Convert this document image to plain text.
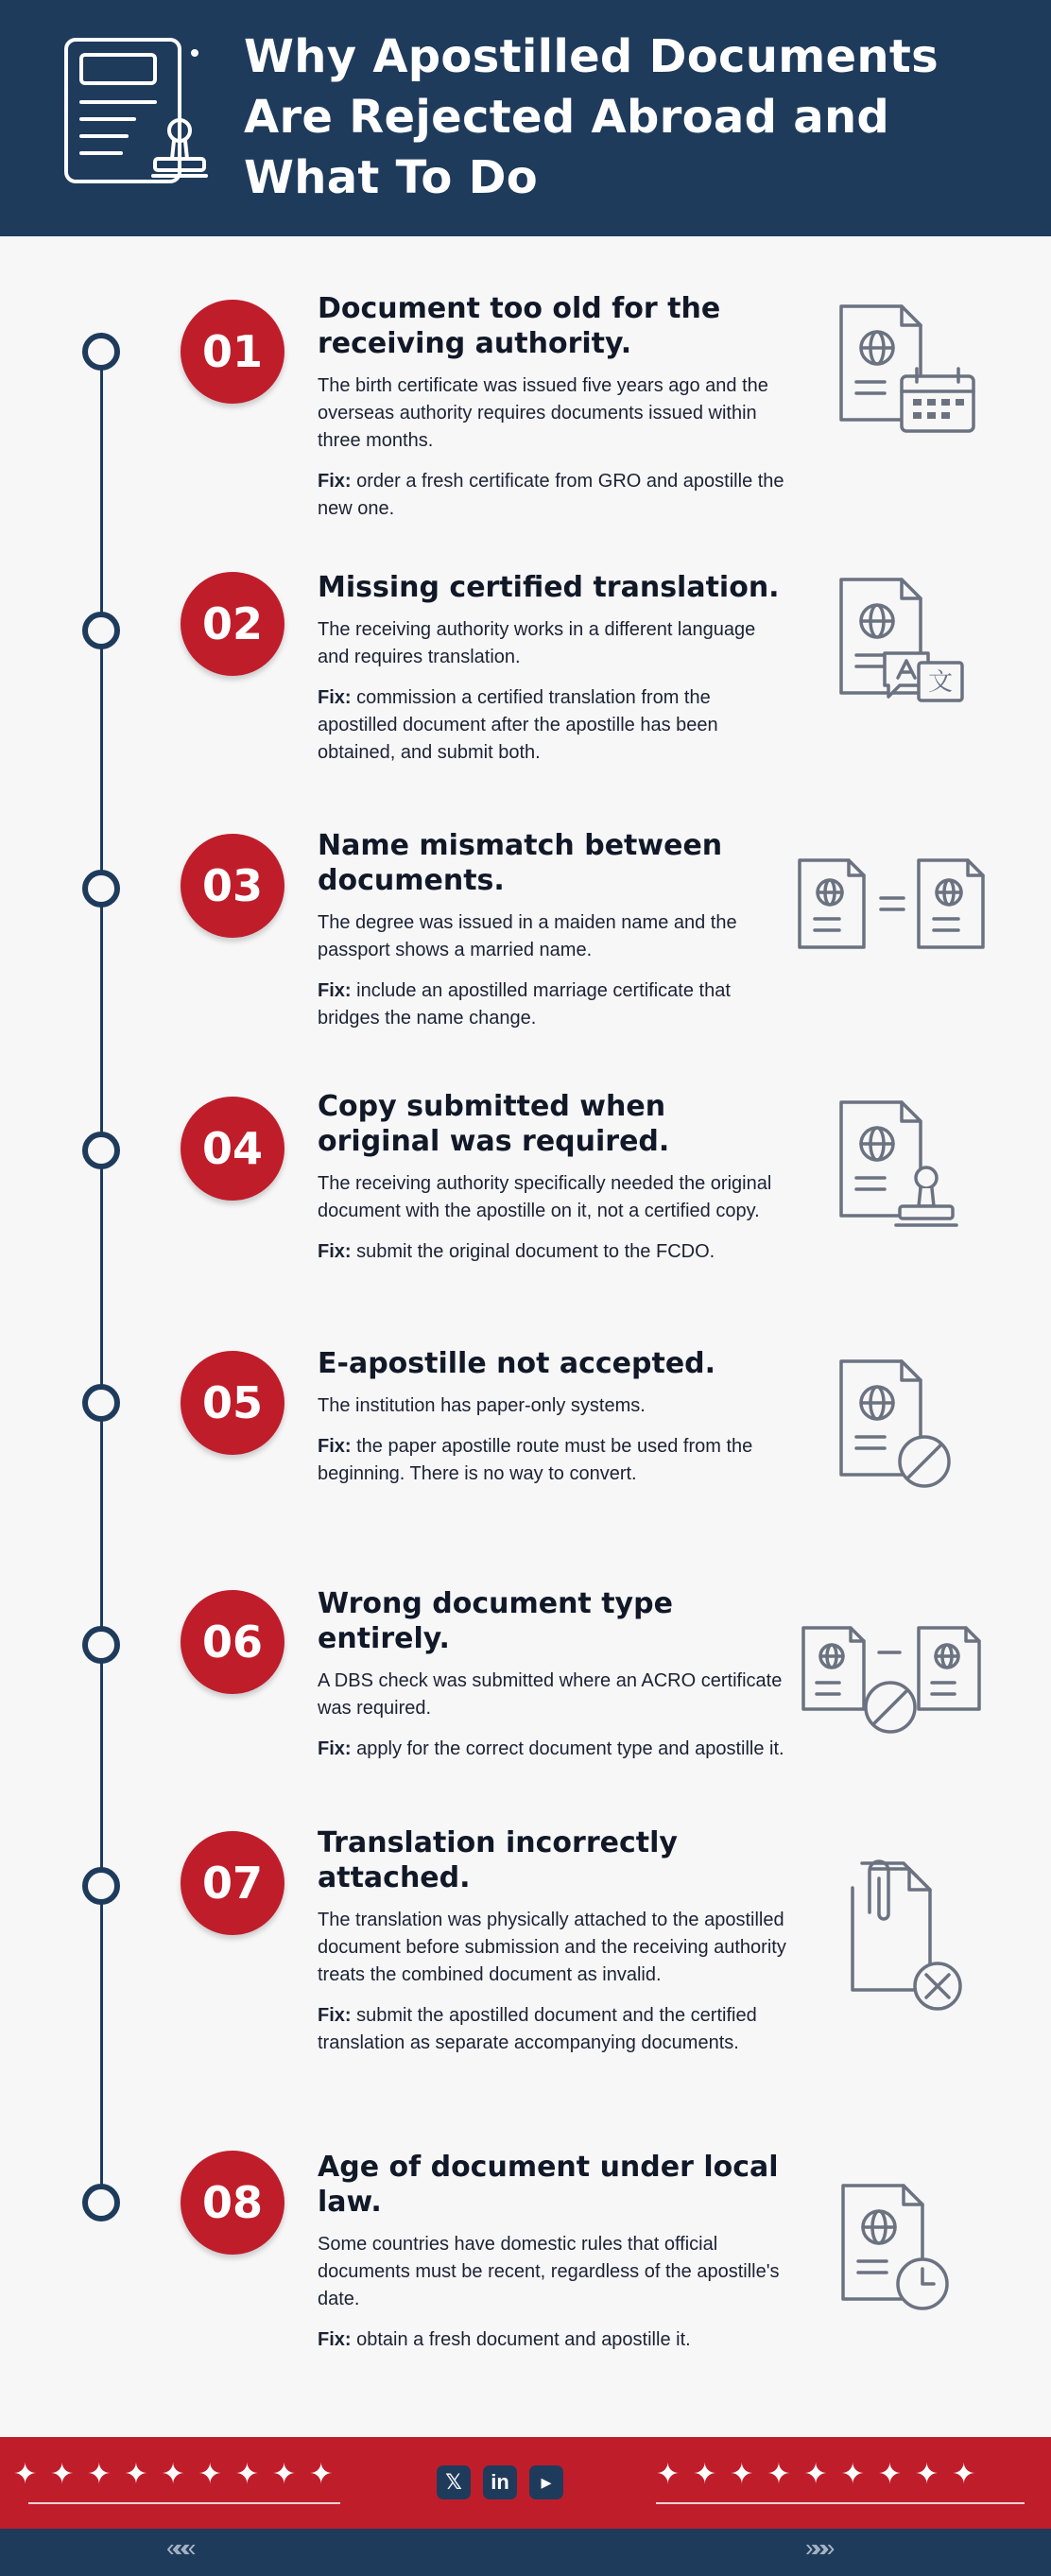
Why Apostilled Documents
Are Rejected Abroad and
What To Do
01
Document too old for the receiving authority.
The birth certificate was issued five years ago and the overseas authority requires documents issued within three months.
Fix: order a fresh certificate from GRO and apostille the new one.
02
Missing certified translation.
The receiving authority works in a different language and requires translation.
Fix: commission a certified translation from the apostilled document after the apostille has been obtained, and submit both.
文
03
Name mismatch between documents.
The degree was issued in a maiden name and the passport shows a married name.
Fix: include an apostilled marriage certificate that bridges the name change.
04
Copy submitted when original was required.
The receiving authority specifically needed the original document with the apostille on it, not a certified copy.
Fix: submit the original document to the FCDO.
05
E-apostille not accepted.
The institution has paper-only systems.
Fix: the paper apostille route must be used from the beginning. There is no way to convert.
06
Wrong document type entirely.
A DBS check was submitted where an ACRO certificate was required.
Fix: apply for the correct document type and apostille it.
07
Translation incorrectly attached.
The translation was physically attached to the apostilled document before submission and the receiving authority treats the combined document as invalid.
Fix: submit the apostilled document and the certified translation as separate accompanying documents.
08
Age of document under local law.
Some countries have domestic rules that official documents must be recent, regardless of the apostille's date.
Fix: obtain a fresh document and apostille it.
✦✦✦✦✦✦✦✦✦	✦✦✦✦✦✦✦✦✦
𝕏	in	▸
«««	»»»
